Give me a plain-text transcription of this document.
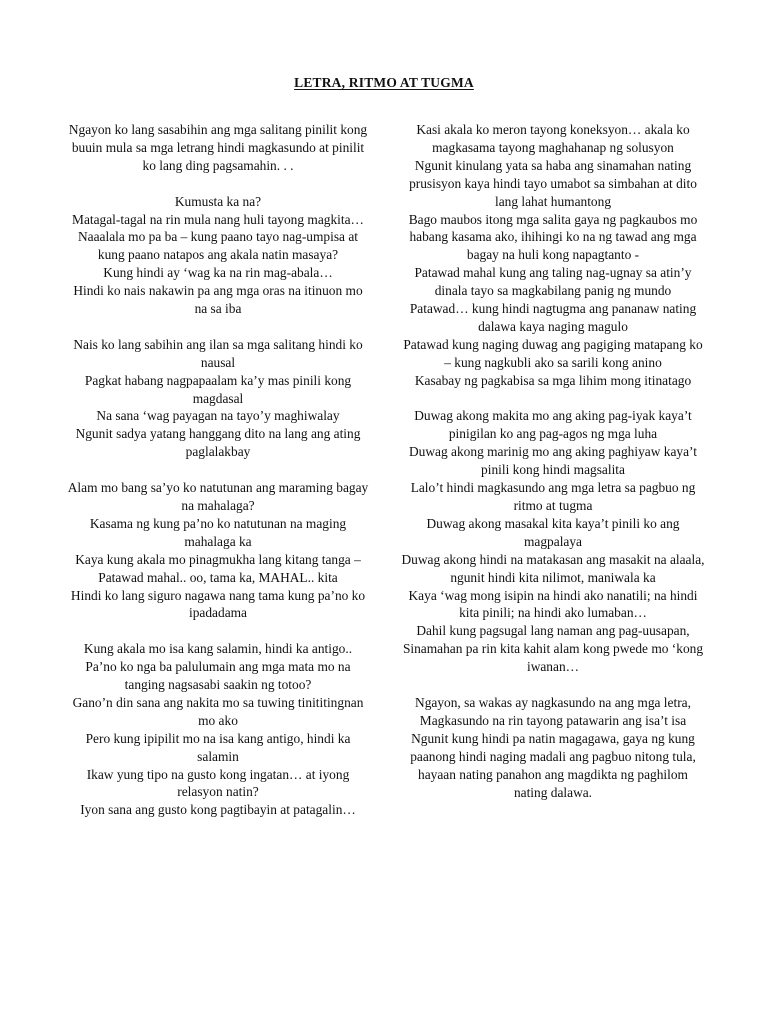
LETRA, RITMO AT TUGMA
Ngayon ko lang sasabihin ang mga salitang pinilit kong buuin mula sa mga letrang hindi magkasundo at pinilit ko lang ding pagsamahin. . .
Kumusta ka na?
Matagal-tagal na rin mula nang huli tayong magkita…
Naaalala mo pa ba – kung paano tayo nag-umpisa at kung paano natapos ang akala natin masaya?
Kung hindi ay ‘wag ka na rin mag-abala…
Hindi ko nais nakawin pa ang mga oras na itinuon mo na sa iba
Nais ko lang sabihin ang ilan sa mga salitang hindi ko nausal
Pagkat habang nagpapaalam ka’y mas pinili kong magdasal
Na sana ‘wag payagan na tayo’y maghiwalay
Ngunit sadya yatang hanggang dito na lang ang ating paglalakbay
Alam mo bang sa’yo ko natutunan ang maraming bagay na mahalaga?
Kasama ng kung pa’no ko natutunan na maging mahalaga ka
Kaya kung akala mo pinagmukha lang kitang tanga –
Patawad mahal.. oo, tama ka, MAHAL.. kita
Hindi ko lang siguro nagawa nang tama kung pa’no ko ipadadama
Kung akala mo isa kang salamin, hindi ka antigo..
Pa’no ko nga ba palulumain ang mga mata mo na tanging nagsasabi saakin ng totoo?
Gano’n din sana ang nakita mo sa tuwing tinititingnan mo ako
Pero kung ipipilit mo na isa kang antigo, hindi ka salamin
Ikaw yung tipo na gusto kong ingatan… at iyong relasyon natin?
Iyon sana ang gusto kong pagtibayin at patagalin…
Kasi akala ko meron tayong koneksyon… akala ko magkasama tayong maghahanap ng solusyon
Ngunit kinulang yata sa haba ang sinamahan nating prusisyon kaya hindi tayo umabot sa simbahan at dito lang lahat humantong
Bago maubos itong mga salita gaya ng pagkaubos mo habang kasama ako, ihihingi ko na ng tawad ang mga bagay na huli kong napagtanto -
Patawad mahal kung ang taling nag-ugnay sa atin’y dinala tayo sa magkabilang panig ng mundo
Patawad… kung hindi nagtugma ang pananaw nating dalawa kaya naging magulo
Patawad kung naging duwag ang pagiging matapang ko – kung nagkubli ako sa sarili kong anino
Kasabay ng pagkabisa sa mga lihim mong itinatago
Duwag akong makita mo ang aking pag-iyak kaya’t pinigilan ko ang pag-agos ng mga luha
Duwag akong marinig mo ang aking paghiyaw kaya’t pinili kong hindi magsalita
Lalo’t hindi magkasundo ang mga letra sa pagbuo ng ritmo at tugma
Duwag akong masakal kita kaya’t pinili ko ang magpalaya
Duwag akong hindi na matakasan ang masakit na alaala, ngunit hindi kita nilimot, maniwala ka
Kaya ‘wag mong isipin na hindi ako nanatili; na hindi kita pinili; na hindi ako lumaban…
Dahil kung pagsugal lang naman ang pag-uusapan,
Sinamahan pa rin kita kahit alam kong pwede mo ‘kong iwanan…
Ngayon, sa wakas ay nagkasundo na ang mga letra, Magkasundo na rin tayong patawarin ang isa’t isa
Ngunit kung hindi pa natin magagawa, gaya ng kung paanong hindi naging madali ang pagbuo nitong tula, hayaan nating panahon ang magdikta ng paghilom nating dalawa.
